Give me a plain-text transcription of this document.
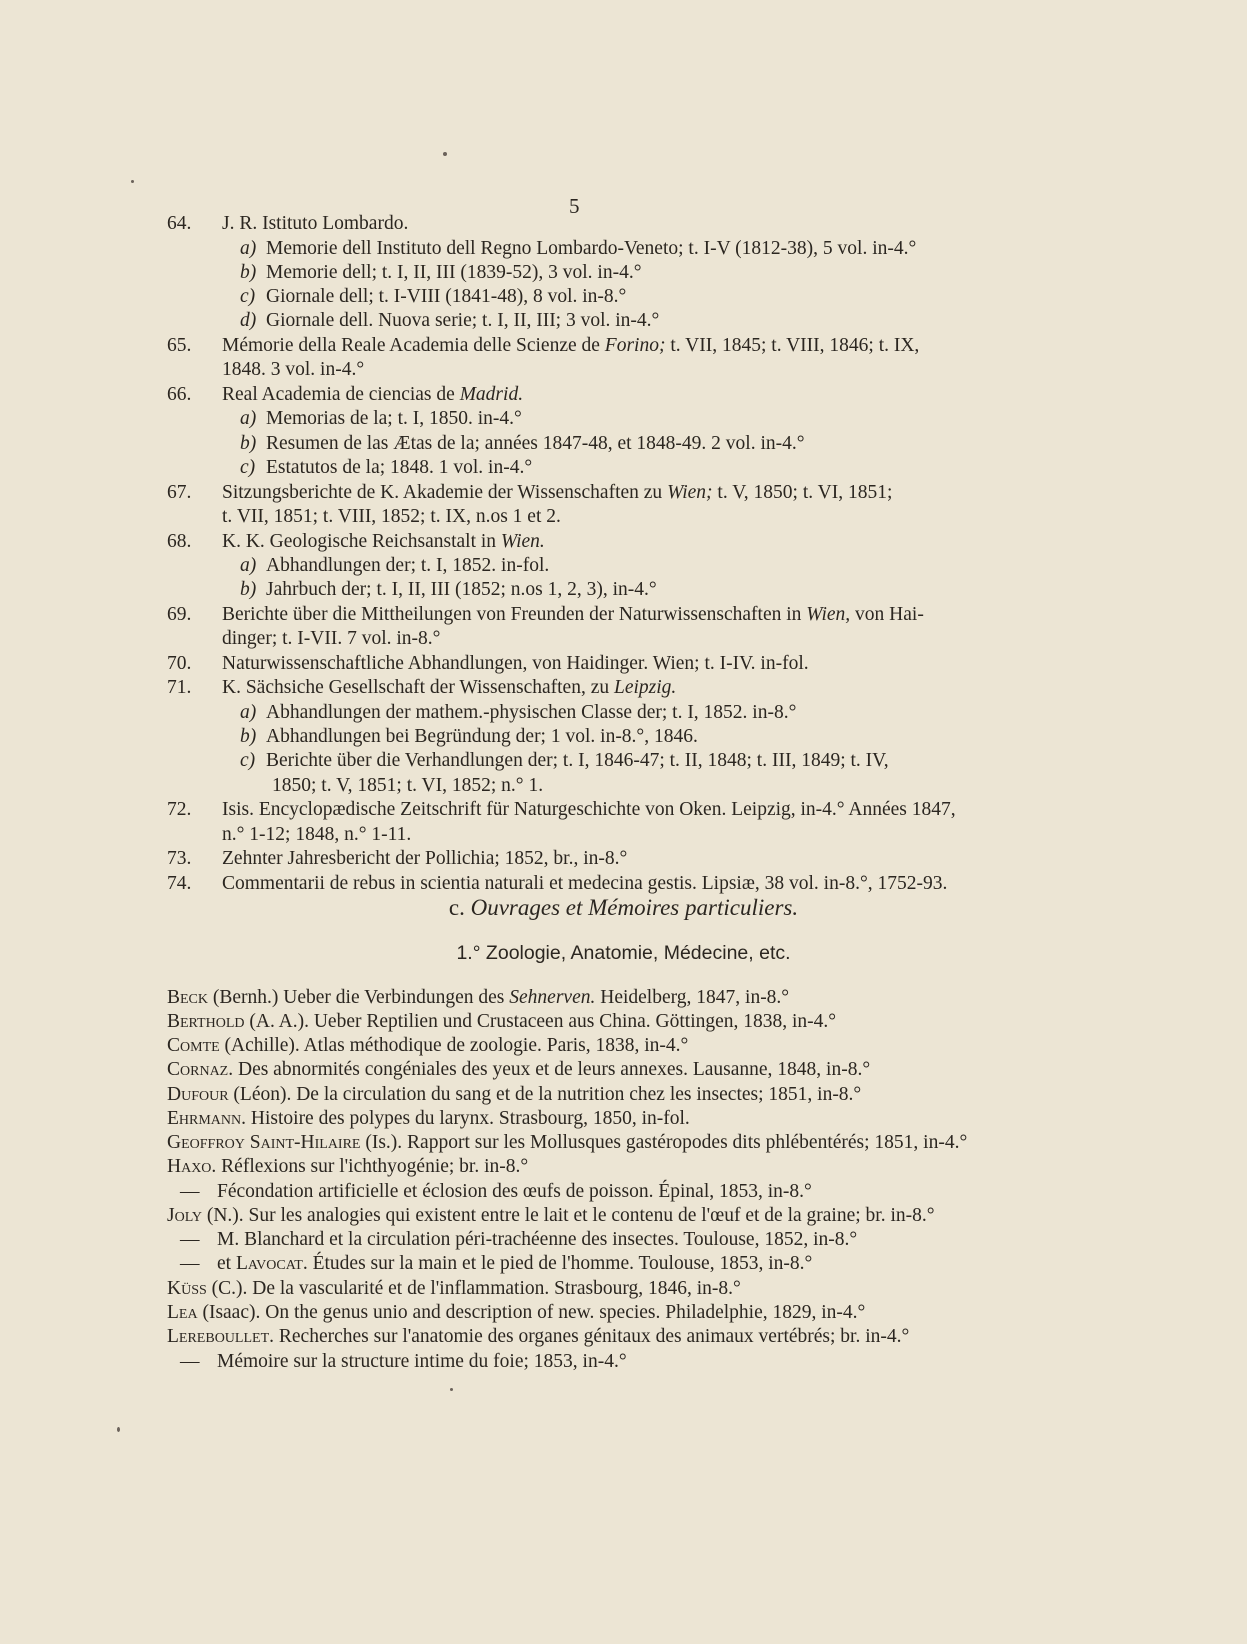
5
64. J. R. Istituto Lombardo.
a) Memorie dell Instituto dell Regno Lombardo-Veneto; t. I-V (1812-38), 5 vol. in-4.°
b) Memorie dell; t. I, II, III (1839-52), 3 vol. in-4.°
c) Giornale dell; t. I-VIII (1841-48), 8 vol. in-8.°
d) Giornale dell. Nuova serie; t. I, II, III; 3 vol. in-4.°
65. Mémorie della Reale Academia delle Scienze de Forino; t. VII, 1845; t. VIII, 1846; t. IX,
1848. 3 vol. in-4.°
66. Real Academia de ciencias de Madrid.
a) Memorias de la; t. I, 1850. in-4.°
b) Resumen de las Ætas de la; années 1847-48, et 1848-49. 2 vol. in-4.°
c) Estatutos de la; 1848. 1 vol. in-4.°
67. Sitzungsberichte de K. Akademie der Wissenschaften zu Wien; t. V, 1850; t. VI, 1851;
t. VII, 1851; t. VIII, 1852; t. IX, n.os 1 et 2.
68. K. K. Geologische Reichsanstalt in Wien.
a) Abhandlungen der; t. I, 1852. in-fol.
b) Jahrbuch der; t. I, II, III (1852; n.os 1, 2, 3), in-4.°
69. Berichte über die Mittheilungen von Freunden der Naturwissenschaften in Wien, von Hai-
dinger; t. I-VII. 7 vol. in-8.°
70. Naturwissenschaftliche Abhandlungen, von Haidinger. Wien; t. I-IV. in-fol.
71. K. Sächsiche Gesellschaft der Wissenschaften, zu Leipzig.
a) Abhandlungen der mathem.-physischen Classe der; t. I, 1852. in-8.°
b) Abhandlungen bei Begründung der; 1 vol. in-8.°, 1846.
c) Berichte über die Verhandlungen der; t. I, 1846-47; t. II, 1848; t. III, 1849; t. IV,
1850; t. V, 1851; t. VI, 1852; n.° 1.
72. Isis. Encyclopædische Zeitschrift für Naturgeschichte von Oken. Leipzig, in-4.° Années 1847,
n.° 1-12; 1848, n.° 1-11.
73. Zehnter Jahresbericht der Pollichia; 1852, br., in-8.°
74. Commentarii de rebus in scientia naturali et medecina gestis. Lipsiæ, 38 vol. in-8.°, 1752-93.
c. Ouvrages et Mémoires particuliers.
1.° Zoologie, Anatomie, Médecine, etc.
Beck (Bernh.) Ueber die Verbindungen des Sehnerven. Heidelberg, 1847, in-8.°
Berthold (A. A.). Ueber Reptilien und Crustaceen aus China. Göttingen, 1838, in-4.°
Comte (Achille). Atlas méthodique de zoologie. Paris, 1838, in-4.°
Cornaz. Des abnormités congéniales des yeux et de leurs annexes. Lausanne, 1848, in-8.°
Dufour (Léon). De la circulation du sang et de la nutrition chez les insectes; 1851, in-8.°
Ehrmann. Histoire des polypes du larynx. Strasbourg, 1850, in-fol.
Geoffroy Saint-Hilaire (Is.). Rapport sur les Mollusques gastéropodes dits phlébentérés; 1851, in-4.°
Haxo. Réflexions sur l'ichthyogénie; br. in-8.°
— Fécondation artificielle et éclosion des œufs de poisson. Épinal, 1853, in-8.°
Joly (N.). Sur les analogies qui existent entre le lait et le contenu de l'œuf et de la graine; br. in-8.°
— M. Blanchard et la circulation péri-trachéenne des insectes. Toulouse, 1852, in-8.°
— et Lavocat. Études sur la main et le pied de l'homme. Toulouse, 1853, in-8.°
Küss (C.). De la vascularité et de l'inflammation. Strasbourg, 1846, in-8.°
Lea (Isaac). On the genus unio and description of new. species. Philadelphie, 1829, in-4.°
Lereboullet. Recherches sur l'anatomie des organes génitaux des animaux vertébrés; br. in-4.°
— Mémoire sur la structure intime du foie; 1853, in-4.°
